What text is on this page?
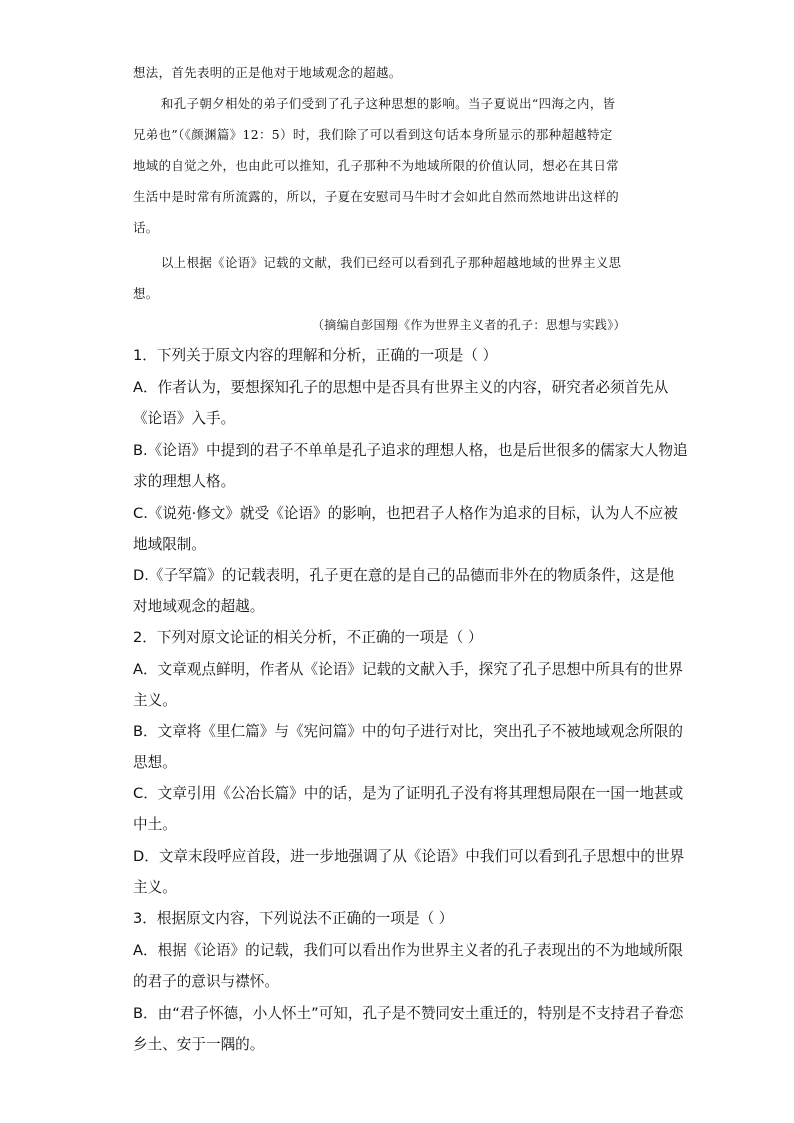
想法，首先表明的正是他对于地域观念的超越。
和孔子朝夕相处的弟子们受到了孔子这种思想的影响。当子夏说出“四海之内，皆
兄弟也”（《颜渊篇》12：5）时，我们除了可以看到这句话本身所显示的那种超越特定
地域的自觉之外，也由此可以推知，孔子那种不为地域所限的价值认同，想必在其日常
生活中是时常有所流露的，所以，子夏在安慰司马牛时才会如此自然而然地讲出这样的
话。
以上根据《论语》记载的文献，我们已经可以看到孔子那种超越地域的世界主义思
想。
（摘编自彭国翔《作为世界主义者的孔子：思想与实践》）
1．下列关于原文内容的理解和分析，正确的一项是（ ）
A．作者认为，要想探知孔子的思想中是否具有世界主义的内容，研究者必须首先从
《论语》入手。
B.《论语》中提到的君子不单单是孔子追求的理想人格，也是后世很多的儒家大人物追
求的理想人格。
C.《说苑·修文》就受《论语》的影响，也把君子人格作为追求的目标，认为人不应被
地域限制。
D.《子罕篇》的记载表明，孔子更在意的是自己的品德而非外在的物质条件，这是他
对地域观念的超越。
2．下列对原文论证的相关分析，不正确的一项是（ ）
A．文章观点鲜明，作者从《论语》记载的文献入手，探究了孔子思想中所具有的世界
主义。
B．文章将《里仁篇》与《宪问篇》中的句子进行对比，突出孔子不被地域观念所限的
思想。
C．文章引用《公冶长篇》中的话，是为了证明孔子没有将其理想局限在一国一地甚或
中土。
D．文章末段呼应首段，进一步地强调了从《论语》中我们可以看到孔子思想中的世界
主义。
3．根据原文内容，下列说法不正确的一项是（ ）
A．根据《论语》的记载，我们可以看出作为世界主义者的孔子表现出的不为地域所限
的君子的意识与襟怀。
B．由“君子怀德，小人怀土”可知，孔子是不赞同安土重迁的，特别是不支持君子眷恋
乡土、安于一隅的。
